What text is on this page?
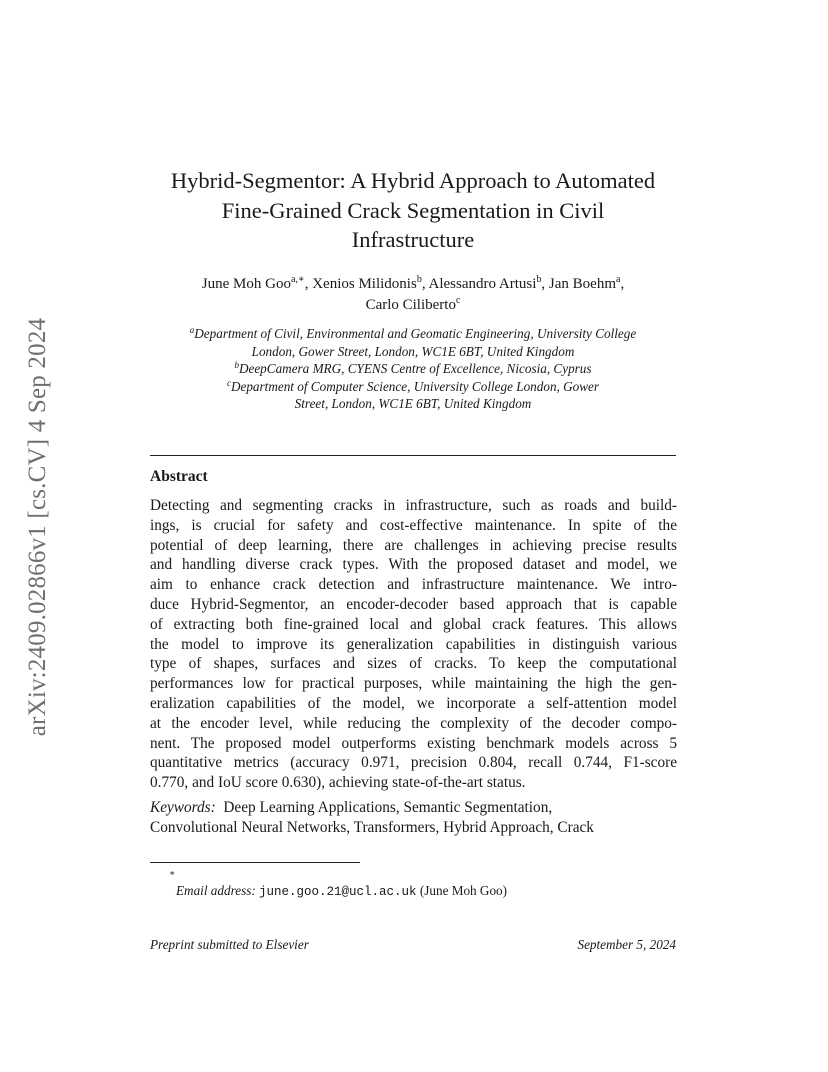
arXiv:2409.02866v1 [cs.CV] 4 Sep 2024
Hybrid-Segmentor: A Hybrid Approach to Automated
Fine-Grained Crack Segmentation in Civil
Infrastructure
June Moh Goo$^{a,∗}$, Xenios Milidonis$^b$, Alessandro Artusi$^b$, Jan Boehm$^a$,
Carlo Ciliberto$^c$
$^a$Department of Civil, Environmental and Geomatic Engineering, University College
London, Gower Street, London, WC1E 6BT, United Kingdom
$^b$DeepCamera MRG, CYENS Centre of Excellence, Nicosia, Cyprus
$^c$Department of Computer Science, University College London, Gower
Street, London, WC1E 6BT, United Kingdom
Abstract
Detecting and segmenting cracks in infrastructure, such as roads and build-
ings, is crucial for safety and cost-effective maintenance. In spite of the
potential of deep learning, there are challenges in achieving precise results
and handling diverse crack types. With the proposed dataset and model, we
aim to enhance crack detection and infrastructure maintenance. We intro-
duce Hybrid-Segmentor, an encoder-decoder based approach that is capable
of extracting both fine-grained local and global crack features. This allows
the model to improve its generalization capabilities in distinguish various
type of shapes, surfaces and sizes of cracks. To keep the computational
performances low for practical purposes, while maintaining the high the gen-
eralization capabilities of the model, we incorporate a self-attention model
at the encoder level, while reducing the complexity of the decoder compo-
nent. The proposed model outperforms existing benchmark models across 5
quantitative metrics (accuracy 0.971, precision 0.804, recall 0.744, F1-score
0.770, and IoU score 0.630), achieving state-of-the-art status.
Keywords: Deep Learning Applications, Semantic Segmentation,
Convolutional Neural Networks, Transformers, Hybrid Approach, Crack
∗
Email address: june.goo.21@ucl.ac.uk (June Moh Goo)
Preprint submitted to Elsevier	September 5, 2024
